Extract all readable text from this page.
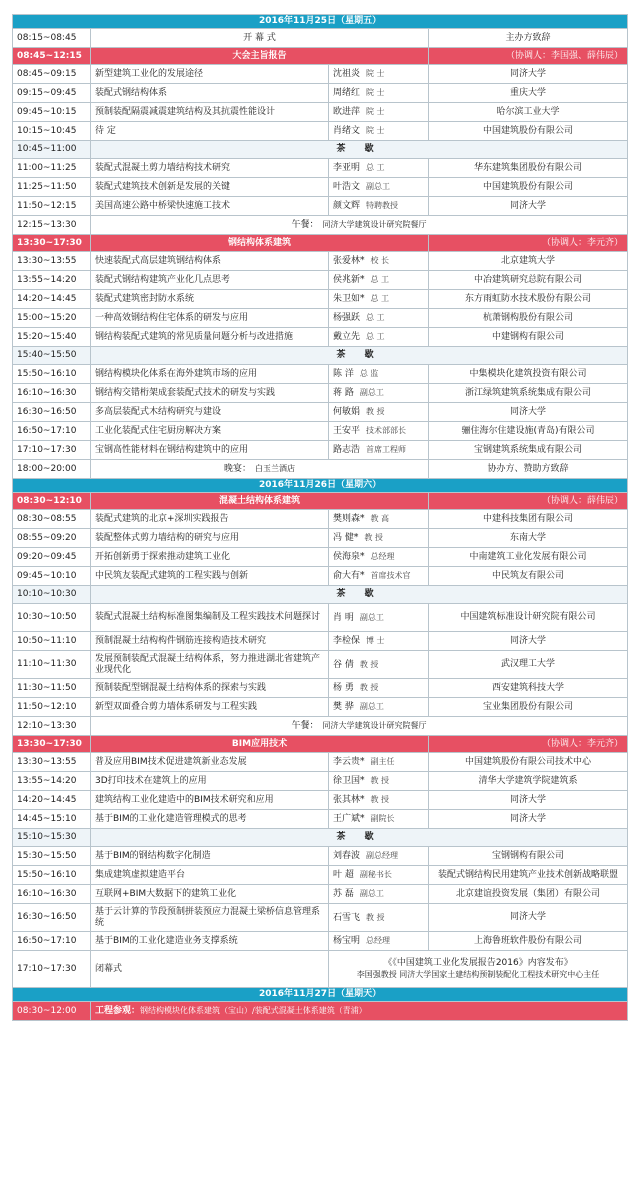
2016年11月25日（星期五）			
08:15~08:45	开 幕 式		主办方致辞
08:45~12:15	大会主旨报告		（协调人：李国强、薛伟辰）
08:45~09:15	新型建筑工业化的发展途径	沈祖炎 院 士	同济大学
09:15~09:45	装配式钢结构体系	周绪红 院 士	重庆大学
09:45~10:15	预制装配隔震减震建筑结构及其抗震性能设计	欧进萍 院 士	哈尔滨工业大学
10:15~10:45	待 定	肖绪文 院 士	中国建筑股份有限公司
10:45~11:00	茶 歇		
11:00~11:25	装配式混凝土剪力墙结构技术研究	李亚明 总 工	华东建筑集团股份有限公司
11:25~11:50	装配式建筑技术创新是发展的关键	叶浩文 副总工	中国建筑股份有限公司
11:50~12:15	美国高速公路中桥梁快速施工技术	颜文辉 特聘教授	同济大学
12:15~13:30	午餐： 同济大学建筑设计研究院餐厅		
13:30~17:30	钢结构体系建筑		（协调人：李元齐）
13:30~13:55	快速装配式高层建筑钢结构体系	张爱林* 校 长	北京建筑大学
13:55~14:20	装配式钢结构建筑产业化几点思考	侯兆新* 总 工	中冶建筑研究总院有限公司
14:20~14:45	装配式建筑密封防水系统	朱卫如* 总 工	东方雨虹防水技术股份有限公司
15:00~15:20	一种高效钢结构住宅体系的研发与应用	杨强跃 总 工	杭萧钢构股份有限公司
15:20~15:40	钢结构装配式建筑的常见质量问题分析与改进措施	戴立先 总 工	中建钢构有限公司
15:40~15:50	茶 歇		
15:50~16:10	钢结构模块化体系在海外建筑市场的应用	陈 洋 总 监	中集模块化建筑投资有限公司
16:10~16:30	钢结构交错桁架成套装配式技术的研发与实践	蒋 路 副总工	浙江绿筑建筑系统集成有限公司
16:30~16:50	多高层装配式木结构研究与建设	何敏娟 教 授	同济大学
16:50~17:10	工业化装配式住宅厨房解决方案	王安平 技术部部长	骊住海尔住建设施(青岛)有限公司
17:10~17:30	宝钢高性能材料在钢结构建筑中的应用	路志浩 首席工程师	宝钢建筑系统集成有限公司
18:00~20:00	晚宴： 白玉兰酒店		协办方、赞助方致辞
2016年11月26日（星期六）			
08:30~12:10	混凝土结构体系建筑		（协调人：薛伟辰）
08:30~08:55	装配式建筑的北京+深圳实践报告	樊则森* 教 高	中建科技集团有限公司
08:55~09:20	装配整体式剪力墙结构的研究与应用	冯 健* 教 授	东南大学
09:20~09:45	开拓创新勇于探索推动建筑工业化	侯海泉* 总经理	中南建筑工业化发展有限公司
09:45~10:10	中民筑友装配式建筑的工程实践与创新	俞大有* 首席技术官	中民筑友有限公司
10:10~10:30	茶 歇		
10:30~10:50	装配式混凝土结构标准图集编制及工程实践技术问题探讨	肖 明 副总工	中国建筑标准设计研究院有限公司
10:50~11:10	预制混凝土结构构件钢筋连接构造技术研究	李检保 博 士	同济大学
11:10~11:30	发展预制装配式混凝土结构体系，努力推进湖北省建筑产业现代化	谷 倩 教 授	武汉理工大学
11:30~11:50	预制装配型钢混凝土结构体系的探索与实践	杨 勇 教 授	西安建筑科技大学
11:50~12:10	新型双面叠合剪力墙体系研发与工程实践	樊 骅 副总工	宝业集团股份有限公司
12:10~13:30	午餐： 同济大学建筑设计研究院餐厅		
13:30~17:30	BIM应用技术		（协调人：李元齐）
13:30~13:55	普及应用BIM技术促进建筑新业态发展	李云贵* 副主任	中国建筑股份有限公司技术中心
13:55~14:20	3D打印技术在建筑上的应用	徐卫国* 教 授	清华大学建筑学院建筑系
14:20~14:45	建筑结构工业化建造中的BIM技术研究和应用	张其林* 教 授	同济大学
14:45~15:10	基于BIM的工业化建造管理模式的思考	王广斌* 副院长	同济大学
15:10~15:30	茶 歇		
15:30~15:50	基于BIM的钢结构数字化制造	刘春波 副总经理	宝钢钢构有限公司
15:50~16:10	集成建筑虚拟建造平台	叶 超 副秘书长	装配式钢结构民用建筑产业技术创新战略联盟
16:10~16:30	互联网+BIM大数据下的建筑工业化	苏 磊 副总工	北京建谊投资发展（集团）有限公司
16:30~16:50	基于云计算的节段预制拼装预应力混凝土梁桥信息管理系统	石雪飞 教 授	同济大学
16:50~17:10	基于BIM的工业化建造业务支撑系统	杨宝明 总经理	上海鲁班软件股份有限公司
17:10~17:30	闭幕式	《《中国建筑工业化发展报告2016》内容发布》
李国强教授 同济大学国家土建结构预制装配化工程技术研究中心主任	

2016年11月27日（星期天）			
08:30~12:00	工程参观：钢结构模块化体系建筑（宝山）/装配式混凝土体系建筑（青浦）		
